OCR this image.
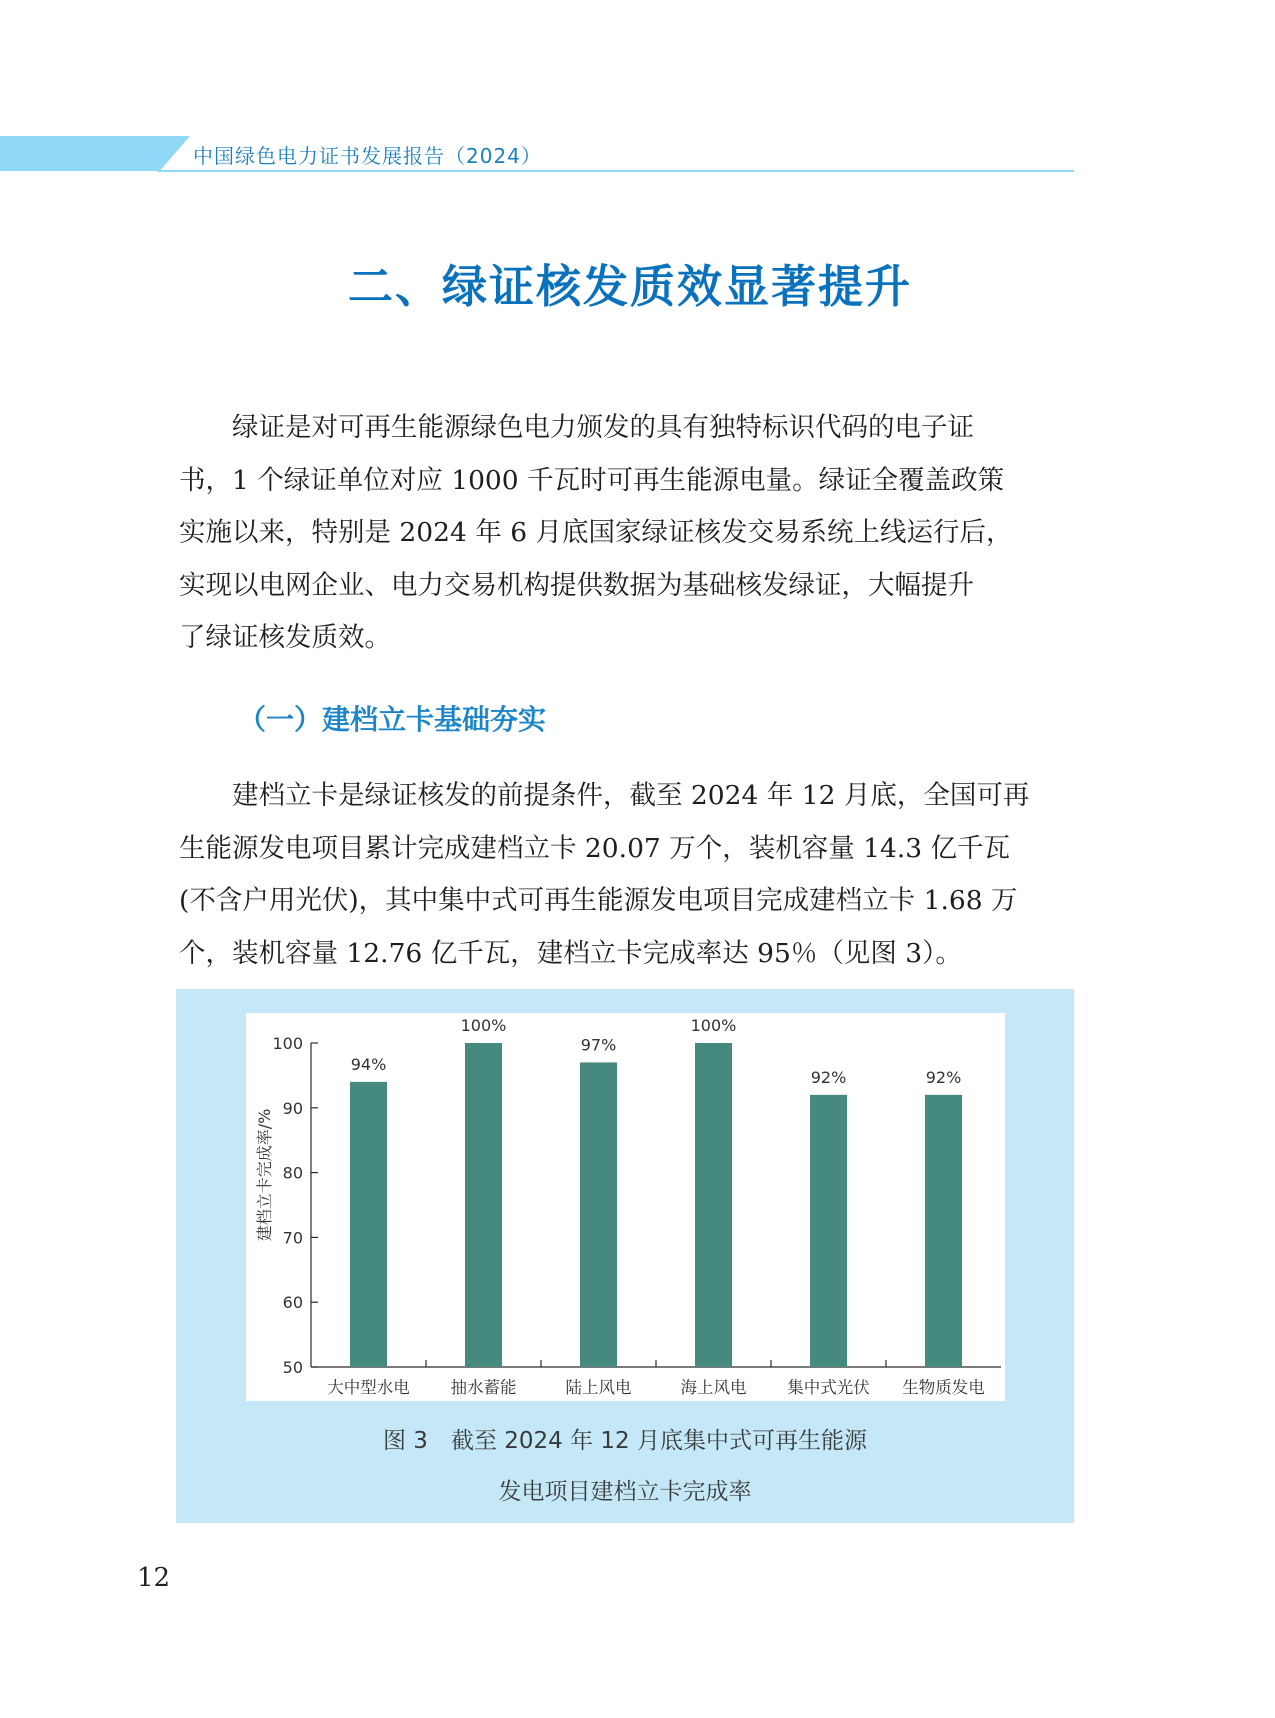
中国绿色电力证书发展报告（2024）
二、绿证核发质效显著提升
绿证是对可再生能源绿色电力颁发的具有独特标识代码的电子证
书，1 个绿证单位对应 1000 千瓦时可再生能源电量。绿证全覆盖政策
实施以来，特别是 2024 年 6 月底国家绿证核发交易系统上线运行后，
实现以电网企业、电力交易机构提供数据为基础核发绿证，大幅提升
了绿证核发质效。
（一）建档立卡基础夯实
建档立卡是绿证核发的前提条件，截至 2024 年 12 月底，全国可再
生能源发电项目累计完成建档立卡 20.07 万个，装机容量 14.3 亿千瓦
(不含户用光伏)，其中集中式可再生能源发电项目完成建档立卡 1.68 万
个，装机容量 12.76 亿千瓦，建档立卡完成率达 95％（见图 3）。
50
60
70
80
90
100
建档立卡完成率/%
94%
大中型水电
100%
抽水蓄能
97%
陆上风电
100%
海上风电
92%
集中式光伏
92%
生物质发电
图 3　截至 2024 年 12 月底集中式可再生能源
发电项目建档立卡完成率
12
